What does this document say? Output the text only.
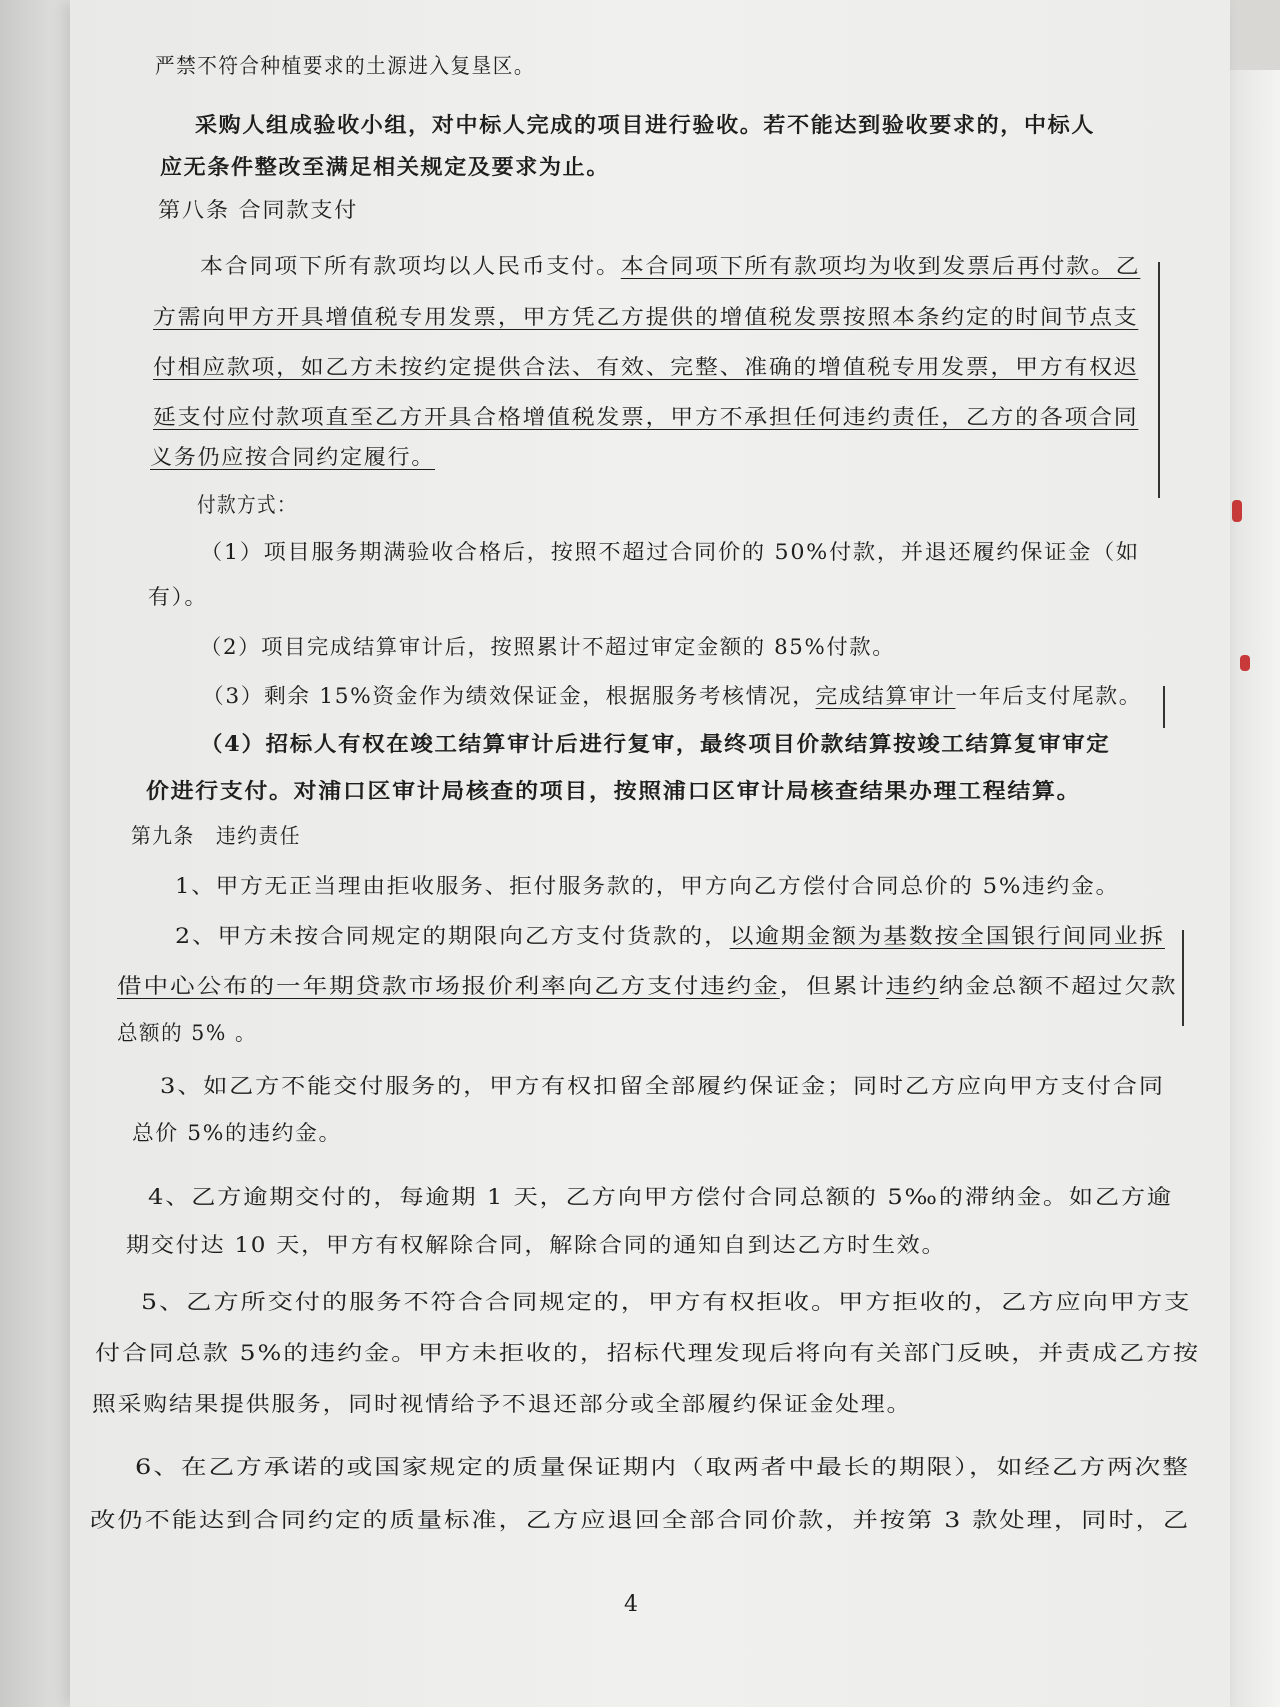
严禁不符合种植要求的土源进入复垦区。
采购人组成验收小组，对中标人完成的项目进行验收。若不能达到验收要求的，中标人
应无条件整改至满足相关规定及要求为止。
第八条 合同款支付
本合同项下所有款项均以人民币支付。本合同项下所有款项均为收到发票后再付款。乙
方需向甲方开具增值税专用发票，甲方凭乙方提供的增值税发票按照本条约定的时间节点支
付相应款项，如乙方未按约定提供合法、有效、完整、准确的增值税专用发票，甲方有权迟
延支付应付款项直至乙方开具合格增值税发票，甲方不承担任何违约责任，乙方的各项合同
义务仍应按合同约定履行。
付款方式：
（1）项目服务期满验收合格后，按照不超过合同价的 50%付款，并退还履约保证金（如
有）。
（2）项目完成结算审计后，按照累计不超过审定金额的 85%付款。
（3）剩余 15%资金作为绩效保证金，根据服务考核情况，完成结算审计一年后支付尾款。
（4）招标人有权在竣工结算审计后进行复审，最终项目价款结算按竣工结算复审审定
价进行支付。对浦口区审计局核查的项目，按照浦口区审计局核查结果办理工程结算。
第九条　违约责任
1、甲方无正当理由拒收服务、拒付服务款的，甲方向乙方偿付合同总价的 5%违约金。
2、甲方未按合同规定的期限向乙方支付货款的，以逾期金额为基数按全国银行间同业拆
借中心公布的一年期贷款市场报价利率向乙方支付违约金，但累计违约纳金总额不超过欠款
总额的 5% 。
3、如乙方不能交付服务的，甲方有权扣留全部履约保证金；同时乙方应向甲方支付合同
总价 5%的违约金。
4、乙方逾期交付的，每逾期 1 天，乙方向甲方偿付合同总额的 5‰的滞纳金。如乙方逾
期交付达 10 天，甲方有权解除合同，解除合同的通知自到达乙方时生效。
5、乙方所交付的服务不符合合同规定的，甲方有权拒收。甲方拒收的，乙方应向甲方支
付合同总款 5%的违约金。甲方未拒收的，招标代理发现后将向有关部门反映，并责成乙方按
照采购结果提供服务，同时视情给予不退还部分或全部履约保证金处理。
6、在乙方承诺的或国家规定的质量保证期内（取两者中最长的期限），如经乙方两次整
改仍不能达到合同约定的质量标准，乙方应退回全部合同价款，并按第 3 款处理，同时，乙
4
